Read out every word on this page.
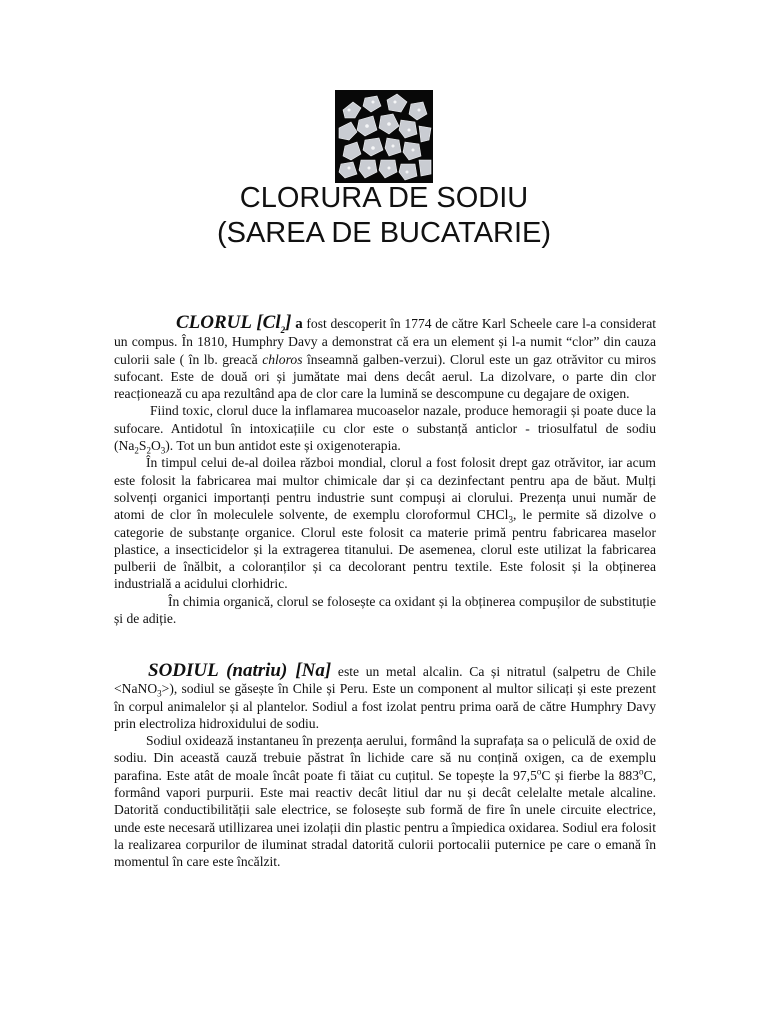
CLORURA DE SODIU
(SAREA DE BUCATARIE)

CLORUL $[Cl_2]$ a fost descoperit în 1774 de către Karl Scheele care l-a considerat un compus. În 1810, Humphry Davy a demonstrat că era un element și l-a numit “clor” din cauza culorii sale ( în lb. greacă chloros înseamnă galben-verzui). Clorul este un gaz otrăvitor cu miros sufocant. Este de două ori și jumătate mai dens decât aerul. La dizolvare, o parte din clor reacționează cu apa rezultând apa de clor care la lumină se descompune cu degajare de oxigen.

Fiind toxic, clorul duce la inflamarea mucoaselor nazale, produce hemoragii și poate duce la sufocare. Antidotul în intoxicațiile cu clor este o substanță anticlor - triosulfatul de sodiu $(Na_2S_2O_3)$. Tot un bun antidot este și oxigenoterapia.

În timpul celui de-al doilea război mondial, clorul a fost folosit drept gaz otrăvitor, iar acum este folosit la fabricarea mai multor chimicale dar și ca dezinfectant pentru apa de băut. Mulți solvenți organici importanți pentru industrie sunt compuși ai clorului. Prezența unui număr de atomi de clor în moleculele solvente, de exemplu cloroformul CHCl$_3$, le permite să dizolve o categorie de substanțe organice. Clorul este folosit ca materie primă pentru fabricarea maselor plastice, a insecticidelor și la extragerea titanului. De asemenea, clorul este utilizat la fabricarea pulberii de înălbit, a coloranților și ca decolorant pentru textile. Este folosit și la obținerea industrială a acidului clorhidric.

În chimia organică, clorul se folosește ca oxidant și la obținerea compușilor de substituție și de adiție.

SODIUL (natriu) [Na] este un metal alcalin. Ca și nitratul (salpetru de Chile <NaNO$_3$>), sodiul se găsește în Chile și Peru. Este un component al multor silicați și este prezent în corpul animalelor și al plantelor. Sodiul a fost izolat pentru prima oară de către Humphry Davy prin electroliza hidroxidului de sodiu.

Sodiul oxidează instantaneu în prezența aerului, formând la suprafața sa o peliculă de oxid de sodiu. Din această cauză trebuie păstrat în lichide care să nu conțină oxigen, ca de exemplu parafina. Este atât de moale încât poate fi tăiat cu cuțitul. Se topește la 97,5$^o$C și fierbe la 883$^o$C, formând vapori purpurii. Este mai reactiv decât litiul dar nu și decât celelalte metale alcaline. Datorită conductibilității sale electrice, se folosește sub formă de fire în unele circuite electrice, unde este necesară utillizarea unei izolații din plastic pentru a împiedica oxidarea. Sodiul era folosit la realizarea corpurilor de iluminat stradal datorită culorii portocalii puternice pe care o emană în momentul în care este încălzit.
